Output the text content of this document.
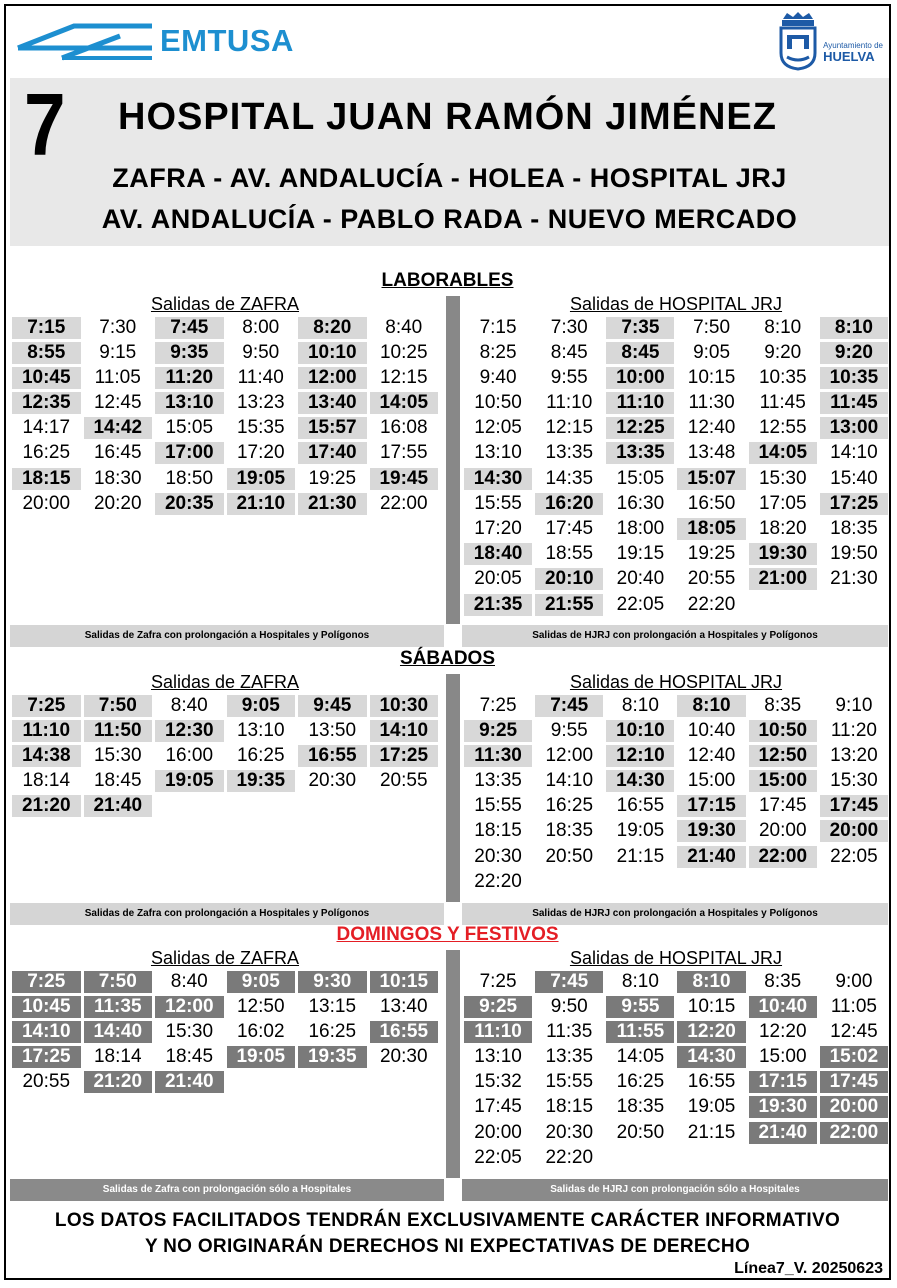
EMTUSA	Ayuntamiento de
HUELVA
7 HOSPITAL JUAN RAMÓN JIMÉNEZ
ZAFRA - AV. ANDALUCÍA - HOLEA - HOSPITAL JRJ
AV. ANDALUCÍA - PABLO RADA - NUEVO MERCADO
LABORABLES
Salidas de ZAFRA
7:15	7:30	7:45	8:00	8:20	8:40
8:55	9:15	9:35	9:50	10:10	10:25
10:45	11:05	11:20	11:40	12:00	12:15
12:35	12:45	13:10	13:23	13:40	14:05
14:17	14:42	15:05	15:35	15:57	16:08
16:25	16:45	17:00	17:20	17:40	17:55
18:15	18:30	18:50	19:05	19:25	19:45
20:00	20:20	20:35	21:10	21:30	22:00
Salidas de HOSPITAL JRJ
7:15	7:30	7:35	7:50	8:10	8:10
8:25	8:45	8:45	9:05	9:20	9:20
9:40	9:55	10:00	10:15	10:35	10:35
10:50	11:10	11:10	11:30	11:45	11:45
12:05	12:15	12:25	12:40	12:55	13:00
13:10	13:35	13:35	13:48	14:05	14:10
14:30	14:35	15:05	15:07	15:30	15:40
15:55	16:20	16:30	16:50	17:05	17:25
17:20	17:45	18:00	18:05	18:20	18:35
18:40	18:55	19:15	19:25	19:30	19:50
20:05	20:10	20:40	20:55	21:00	21:30
21:35	21:55	22:05	22:20
Salidas de Zafra con prolongación a Hospitales y Polígonos	Salidas de HJRJ con prolongación a Hospitales y Polígonos
SÁBADOS
Salidas de ZAFRA
7:25	7:50	8:40	9:05	9:45	10:30
11:10	11:50	12:30	13:10	13:50	14:10
14:38	15:30	16:00	16:25	16:55	17:25
18:14	18:45	19:05	19:35	20:30	20:55
21:20	21:40
Salidas de HOSPITAL JRJ
7:25	7:45	8:10	8:10	8:35	9:10
9:25	9:55	10:10	10:40	10:50	11:20
11:30	12:00	12:10	12:40	12:50	13:20
13:35	14:10	14:30	15:00	15:00	15:30
15:55	16:25	16:55	17:15	17:45	17:45
18:15	18:35	19:05	19:30	20:00	20:00
20:30	20:50	21:15	21:40	22:00	22:05
22:20
Salidas de Zafra con prolongación a Hospitales y Polígonos	Salidas de HJRJ con prolongación a Hospitales y Polígonos
DOMINGOS Y FESTIVOS
Salidas de ZAFRA
7:25	7:50	8:40	9:05	9:30	10:15
10:45	11:35	12:00	12:50	13:15	13:40
14:10	14:40	15:30	16:02	16:25	16:55
17:25	18:14	18:45	19:05	19:35	20:30
20:55	21:20	21:40
Salidas de HOSPITAL JRJ
7:25	7:45	8:10	8:10	8:35	9:00
9:25	9:50	9:55	10:15	10:40	11:05
11:10	11:35	11:55	12:20	12:20	12:45
13:10	13:35	14:05	14:30	15:00	15:02
15:32	15:55	16:25	16:55	17:15	17:45
17:45	18:15	18:35	19:05	19:30	20:00
20:00	20:30	20:50	21:15	21:40	22:00
22:05	22:20
Salidas de Zafra con prolongación sólo a Hospitales	Salidas de HJRJ con prolongación sólo a Hospitales
LOS DATOS FACILITADOS TENDRÁN EXCLUSIVAMENTE CARÁCTER INFORMATIVO
Y NO ORIGINARÁN DERECHOS NI EXPECTATIVAS DE DERECHO
Línea7_V. 20250623
